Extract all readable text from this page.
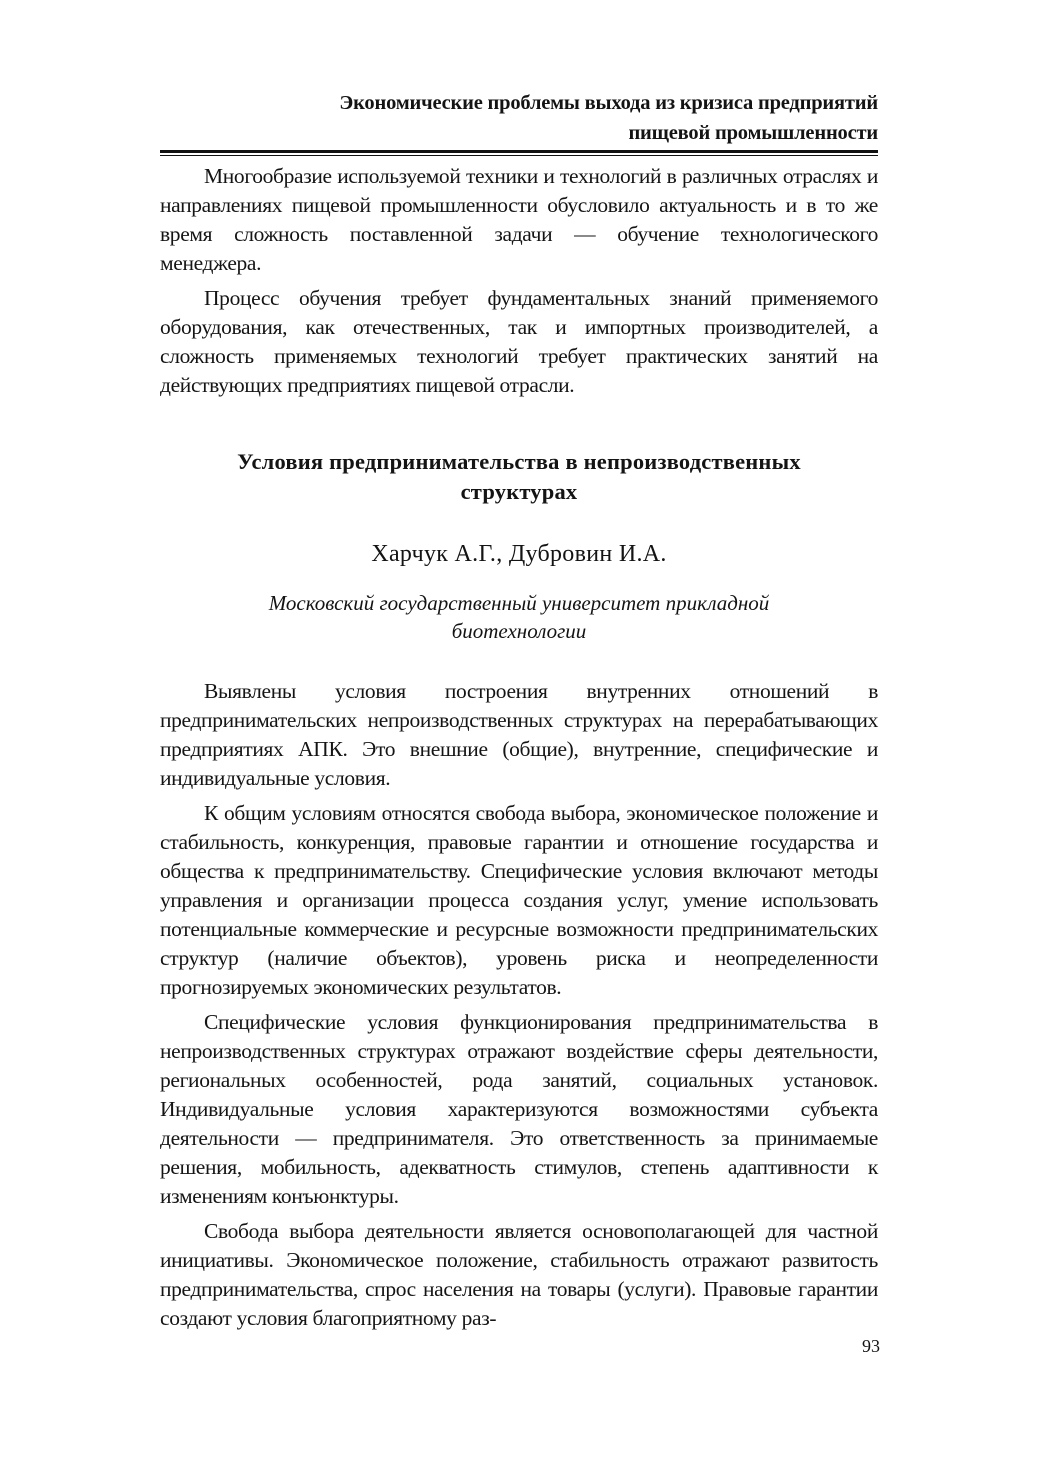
Экономические проблемы выхода из кризиса предприятий
пищевой промышленности

Многообразие используемой техники и технологий в различных отраслях и направлениях пищевой промышленности обусловило актуальность и в то же время сложность поставленной задачи — обучение технологического менеджера.

Процесс обучения требует фундаментальных знаний применяемого оборудования, как отечественных, так и импортных производителей, а сложность применяемых технологий требует практических занятий на действующих предприятиях пищевой отрасли.

Условия предпринимательства в непроизводственных
структурах
Харчук А.Г., Дубровин И.А.
Московский государственный университет прикладной
биотехнологии

Выявлены условия построения внутренних отношений в предпринимательских непроизводственных структурах на перерабатывающих предприятиях АПК. Это внешние (общие), внутренние, специфические и индивидуальные условия.

К общим условиям относятся свобода выбора, экономическое положение и стабильность, конкуренция, правовые гарантии и отношение государства и общества к предпринимательству. Специфические условия включают методы управления и организации процесса создания услуг, умение использовать потенциальные коммерческие и ресурсные возможности предпринимательских структур (наличие объектов), уровень риска и неопределенности прогнозируемых экономических результатов.

Специфические условия функционирования предпринимательства в непроизводственных структурах отражают воздействие сферы деятельности, региональных особенностей, рода занятий, социальных установок. Индивидуальные условия характеризуются возможностями субъекта деятельности — предпринимателя. Это ответственность за принимаемые решения, мобильность, адекватность стимулов, степень адаптивности к изменениям конъюнктуры.

Свобода выбора деятельности является основополагающей для частной инициативы. Экономическое положение, стабильность отражают развитость предпринимательства, спрос населения на товары (услуги). Правовые гарантии создают условия благоприятному раз-

93
